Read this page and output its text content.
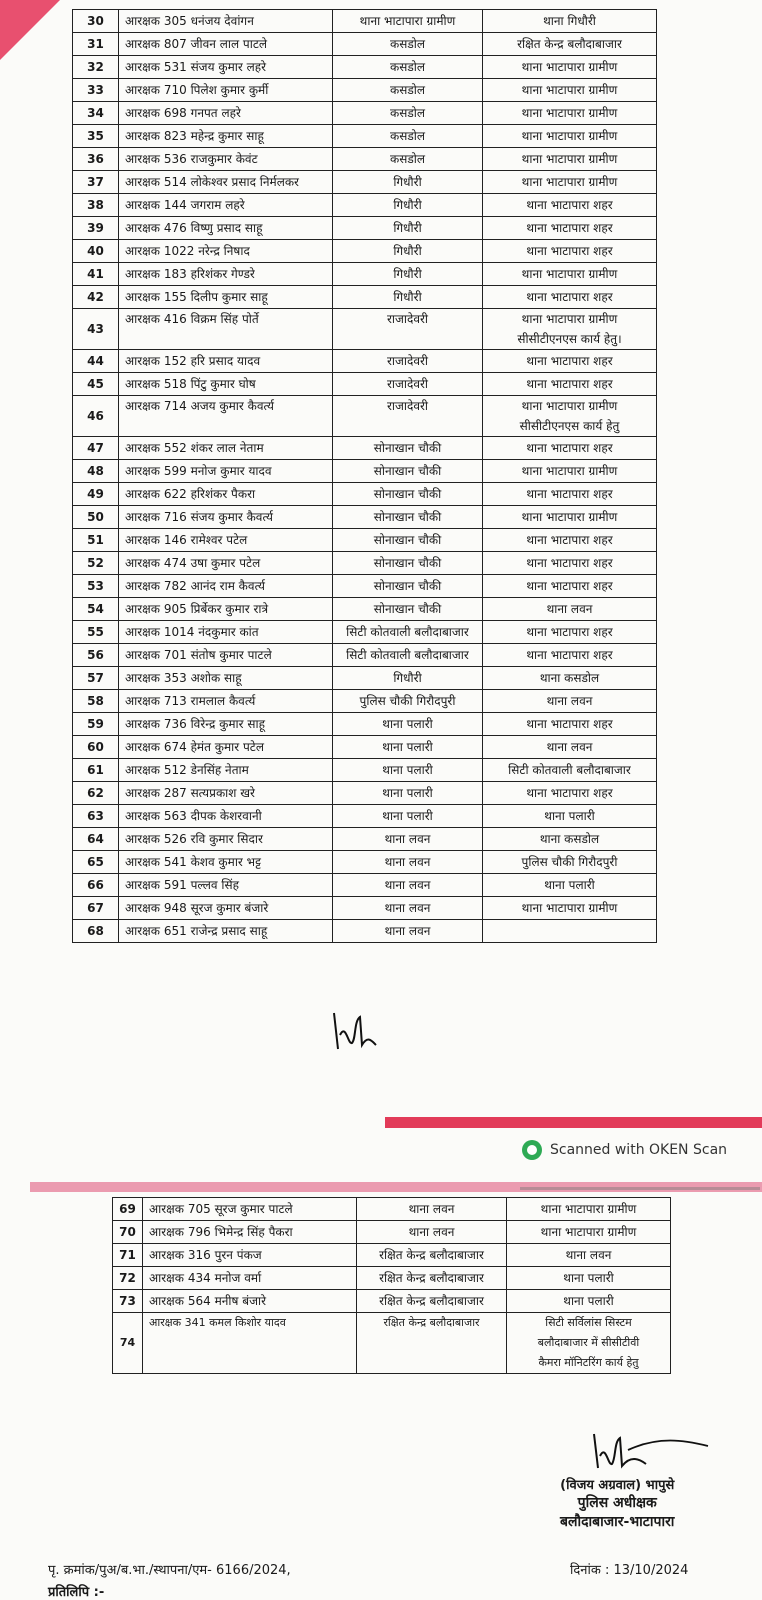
30	आरक्षक 305 धनंजय देवांगन	थाना भाटापारा ग्रामीण	थाना गिधौरी

31	आरक्षक 807 जीवन लाल पाटले	कसडोल	रक्षित केन्द्र बलौदाबाजार

32	आरक्षक 531 संजय कुमार लहरे	कसडोल	थाना भाटापारा ग्रामीण

33	आरक्षक 710 पिलेश कुमार कुर्मी	कसडोल	थाना भाटापारा ग्रामीण

34	आरक्षक 698 गनपत लहरे	कसडोल	थाना भाटापारा ग्रामीण

35	आरक्षक 823 महेन्द्र कुमार साहू	कसडोल	थाना भाटापारा ग्रामीण

36	आरक्षक 536 राजकुमार केवंट	कसडोल	थाना भाटापारा ग्रामीण

37	आरक्षक 514 लोकेश्वर प्रसाद निर्मलकर	गिधौरी	थाना भाटापारा ग्रामीण

38	आरक्षक 144 जगराम लहरे	गिधौरी	थाना भाटापारा शहर

39	आरक्षक 476 विष्णु प्रसाद साहू	गिधौरी	थाना भाटापारा शहर

40	आरक्षक 1022 नरेन्द्र निषाद	गिधौरी	थाना भाटापारा शहर

41	आरक्षक 183 हरिशंकर गेण्डरे	गिधौरी	थाना भाटापारा ग्रामीण

42	आरक्षक 155 दिलीप कुमार साहू	गिधौरी	थाना भाटापारा शहर

43	आरक्षक 416 विक्रम सिंह पोर्ते	राजादेवरी	थाना भाटापारा ग्रामीण
सीसीटीएनएस कार्य हेतु।

44	आरक्षक 152 हरि प्रसाद यादव	राजादेवरी	थाना भाटापारा शहर

45	आरक्षक 518 पिंटु कुमार घोष	राजादेवरी	थाना भाटापारा शहर

46	आरक्षक 714 अजय कुमार कैवर्त्य	राजादेवरी	थाना भाटापारा ग्रामीण
सीसीटीएनएस कार्य हेतु

47	आरक्षक 552 शंकर लाल नेताम	सोनाखान चौकी	थाना भाटापारा शहर

48	आरक्षक 599 मनोज कुमार यादव	सोनाखान चौकी	थाना भाटापारा ग्रामीण

49	आरक्षक 622 हरिशंकर पैकरा	सोनाखान चौकी	थाना भाटापारा शहर

50	आरक्षक 716 संजय कुमार कैवर्त्य	सोनाखान चौकी	थाना भाटापारा ग्रामीण

51	आरक्षक 146 रामेश्वर पटेल	सोनाखान चौकी	थाना भाटापारा शहर

52	आरक्षक 474 उषा कुमार पटेल	सोनाखान चौकी	थाना भाटापारा शहर

53	आरक्षक 782 आनंद राम कैवर्त्य	सोनाखान चौकी	थाना भाटापारा शहर

54	आरक्षक 905 प्रिर्बेकर कुमार रात्रे	सोनाखान चौकी	थाना लवन

55	आरक्षक 1014 नंदकुमार कांत	सिटी कोतवाली बलौदाबाजार	थाना भाटापारा शहर

56	आरक्षक 701 संतोष कुमार पाटले	सिटी कोतवाली बलौदाबाजार	थाना भाटापारा शहर

57	आरक्षक 353 अशोक साहू	गिधौरी	थाना कसडोल

58	आरक्षक 713 रामलाल कैवर्त्य	पुलिस चौकी गिरौदपुरी	थाना लवन

59	आरक्षक 736 विरेन्द्र कुमार साहू	थाना पलारी	थाना भाटापारा शहर

60	आरक्षक 674 हेमंत कुमार पटेल	थाना पलारी	थाना लवन

61	आरक्षक 512 डेनसिंह नेताम	थाना पलारी	सिटी कोतवाली बलौदाबाजार

62	आरक्षक 287 सत्यप्रकाश खरे	थाना पलारी	थाना भाटापारा शहर

63	आरक्षक 563 दीपक केशरवानी	थाना पलारी	थाना पलारी

64	आरक्षक 526 रवि कुमार सिदार	थाना लवन	थाना कसडोल

65	आरक्षक 541 केशव कुमार भट्ट	थाना लवन	पुलिस चौकी गिरौदपुरी

66	आरक्षक 591 पल्लव सिंह	थाना लवन	थाना पलारी

67	आरक्षक 948 सूरज कुमार बंजारे	थाना लवन	थाना भाटापारा ग्रामीण

68	आरक्षक 651 राजेन्द्र प्रसाद साहू	थाना लवन	
Scanned with OKEN Scan
69	आरक्षक 705 सूरज कुमार पाटले	थाना लवन	थाना भाटापारा ग्रामीण

70	आरक्षक 796 भिमेन्द्र सिंह पैकरा	थाना लवन	थाना भाटापारा ग्रामीण

71	आरक्षक 316 पुरन पंकज	रक्षित केन्द्र बलौदाबाजार	थाना लवन

72	आरक्षक 434 मनोज वर्मा	रक्षित केन्द्र बलौदाबाजार	थाना पलारी

73	आरक्षक 564 मनीष बंजारे	रक्षित केन्द्र बलौदाबाजार	थाना पलारी

74	आरक्षक 341 कमल किशोर यादव	रक्षित केन्द्र बलौदाबाजार	सिटी सर्विलांस सिस्टम
बलौदाबाजार में सीसीटीवी
कैमरा मॉनिटरिंग कार्य हेतु
(विजय अग्रवाल) भापुसे
पुलिस अधीक्षक
बलौदाबाजार-भाटापारा
पृ. क्रमांक/पुअ/ब.भा./स्थापना/एम- 6166/2024,	दिनांक : 13/10/2024
प्रतिलिपि :-
